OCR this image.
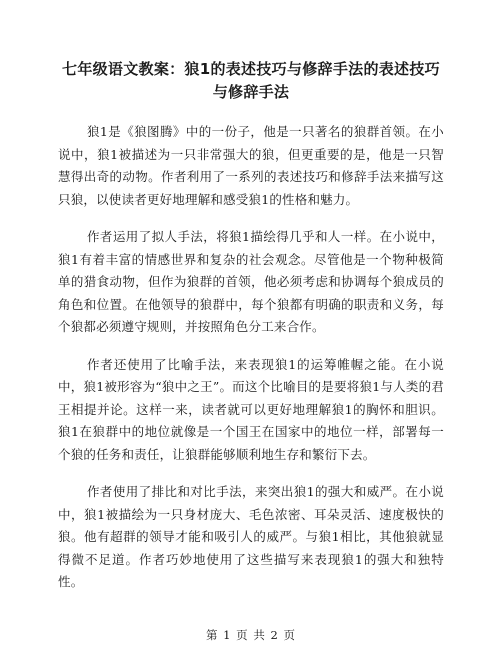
七年级语文教案：狼1的表述技巧与修辞手法的表述技巧与修辞手法

狼1是《狼图腾》中的一份子，他是一只著名的狼群首领。在小说中，狼1被描述为一只非常强大的狼，但更重要的是，他是一只智慧得出奇的动物。作者利用了一系列的表述技巧和修辞手法来描写这只狼，以使读者更好地理解和感受狼1的性格和魅力。

作者运用了拟人手法，将狼1描绘得几乎和人一样。在小说中，狼1有着丰富的情感世界和复杂的社会观念。尽管他是一个物种极简单的猎食动物，但作为狼群的首领，他必须考虑和协调每个狼成员的角色和位置。在他领导的狼群中，每个狼都有明确的职责和义务，每个狼都必须遵守规则，并按照角色分工来合作。

作者还使用了比喻手法，来表现狼1的运筹帷幄之能。在小说中，狼1被形容为“狼中之王”。而这个比喻目的是要将狼1与人类的君王相提并论。这样一来，读者就可以更好地理解狼1的胸怀和胆识。狼1在狼群中的地位就像是一个国王在国家中的地位一样，部署每一个狼的任务和责任，让狼群能够顺利地生存和繁衍下去。

作者使用了排比和对比手法，来突出狼1的强大和威严。在小说中，狼1被描绘为一只身材庞大、毛色浓密、耳朵灵活、速度极快的狼。他有超群的领导才能和吸引人的威严。与狼1相比，其他狼就显得微不足道。作者巧妙地使用了这些描写来表现狼1的强大和独特性。

第 1 页 共 2 页
